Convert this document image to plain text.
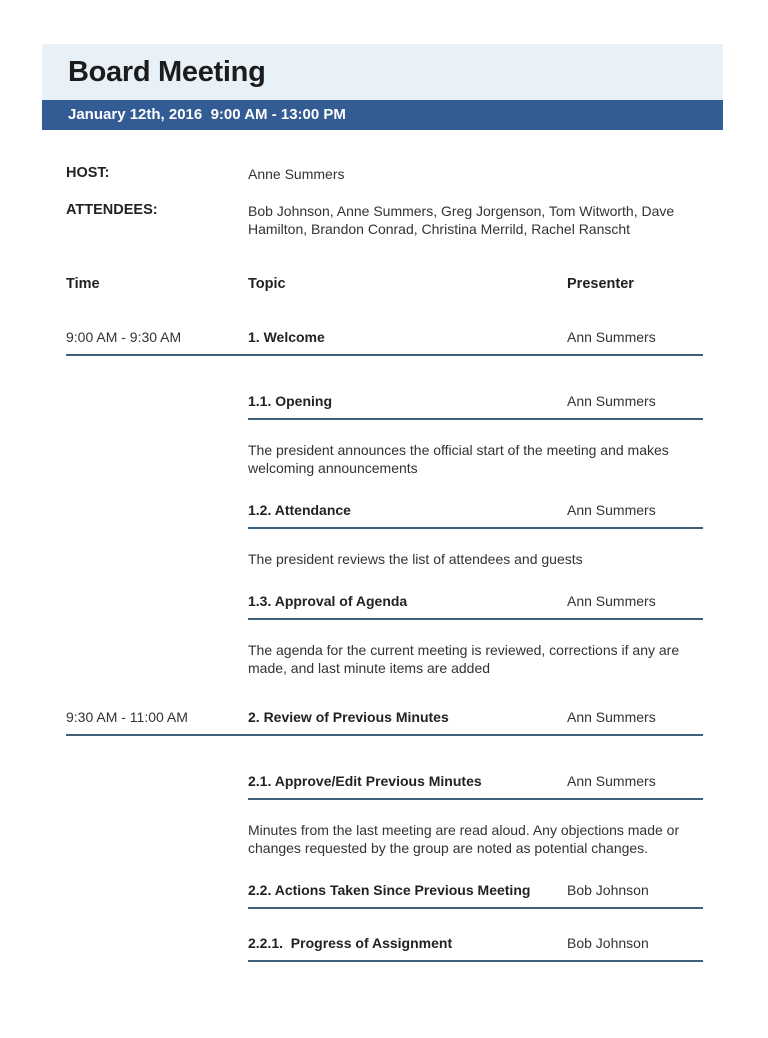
Board Meeting
January 12th, 2016  9:00 AM - 13:00 PM
HOST:	Anne Summers
ATTENDEES:	Bob Johnson, Anne Summers, Greg Jorgenson, Tom Witworth, Dave Hamilton, Brandon Conrad, Christina Merrild, Rachel Ranscht
Time	Topic	Presenter
9:00 AM - 9:30 AM	1. Welcome	Ann Summers
1.1. Opening	Ann Summers

The president announces the official start of the meeting and makes welcoming announcements

1.2. Attendance	Ann Summers

The president reviews the list of attendees and guests

1.3. Approval of Agenda	Ann Summers

The agenda for the current meeting is reviewed, corrections if any are made, and last minute items are added

9:30 AM - 11:00 AM	2. Review of Previous Minutes	Ann Summers
2.1. Approve/Edit Previous Minutes	Ann Summers

Minutes from the last meeting are read aloud. Any objections made or changes requested by the group are noted as potential changes.

2.2. Actions Taken Since Previous Meeting	Bob Johnson
2.2.1.  Progress of Assignment	Bob Johnson
